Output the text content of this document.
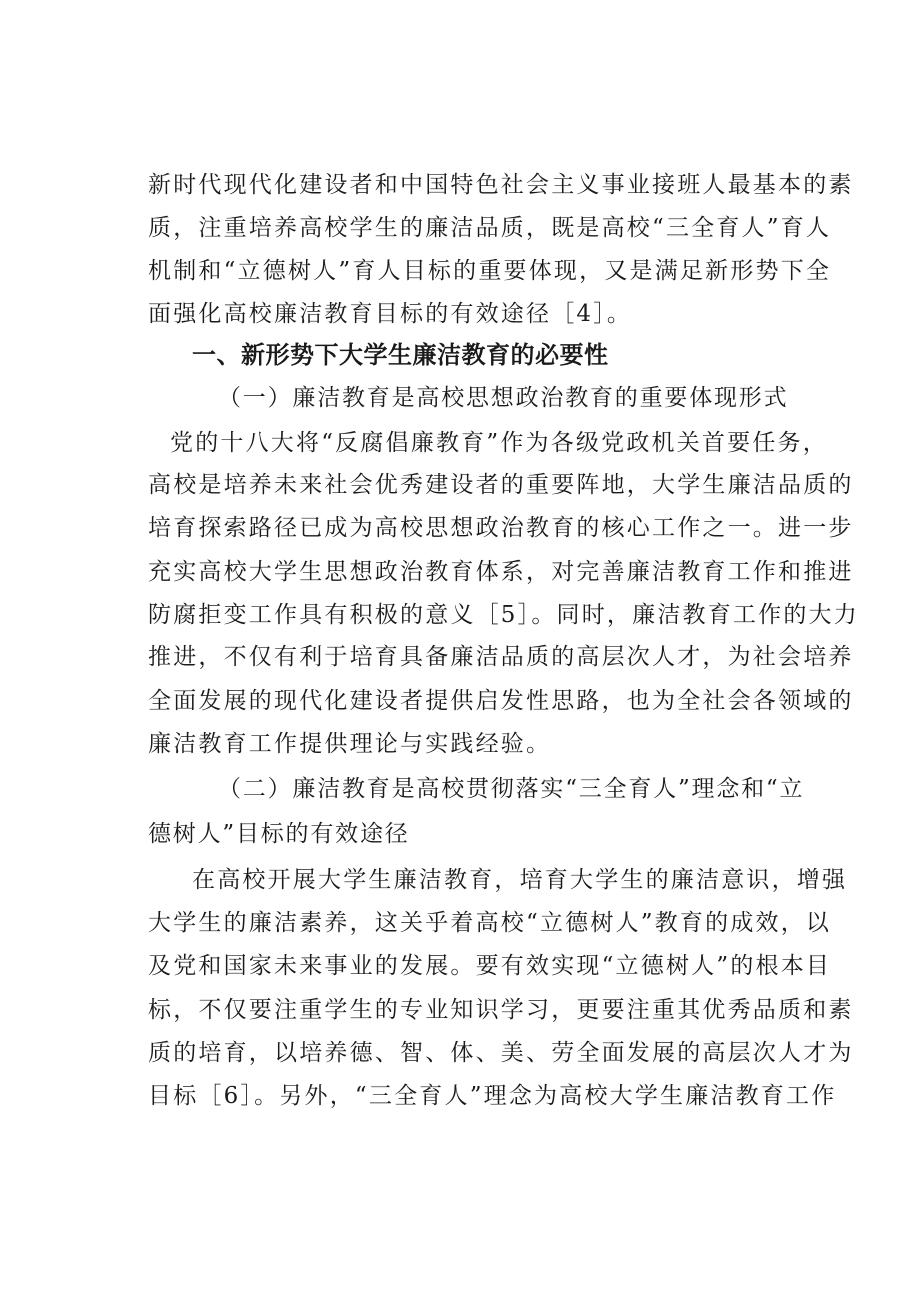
新时代现代化建设者和中国特色社会主义事业接班人最基本的素
质，注重培养高校学生的廉洁品质，既是高校“三全育人”育人
机制和“立德树人”育人目标的重要体现，又是满足新形势下全
面强化高校廉洁教育目标的有效途径［4］。
一、新形势下大学生廉洁教育的必要性
（一）廉洁教育是高校思想政治教育的重要体现形式
党的十八大将“反腐倡廉教育”作为各级党政机关首要任务，
高校是培养未来社会优秀建设者的重要阵地，大学生廉洁品质的
培育探索路径已成为高校思想政治教育的核心工作之一。进一步
充实高校大学生思想政治教育体系，对完善廉洁教育工作和推进
防腐拒变工作具有积极的意义［5］。同时，廉洁教育工作的大力
推进，不仅有利于培育具备廉洁品质的高层次人才，为社会培养
全面发展的现代化建设者提供启发性思路，也为全社会各领域的
廉洁教育工作提供理论与实践经验。
（二）廉洁教育是高校贯彻落实“三全育人”理念和“立
德树人”目标的有效途径
在高校开展大学生廉洁教育，培育大学生的廉洁意识，增强
大学生的廉洁素养，这关乎着高校“立德树人”教育的成效，以
及党和国家未来事业的发展。要有效实现“立德树人”的根本目
标，不仅要注重学生的专业知识学习，更要注重其优秀品质和素
质的培育，以培养德、智、体、美、劳全面发展的高层次人才为
目标［6］。另外，“三全育人”理念为高校大学生廉洁教育工作
